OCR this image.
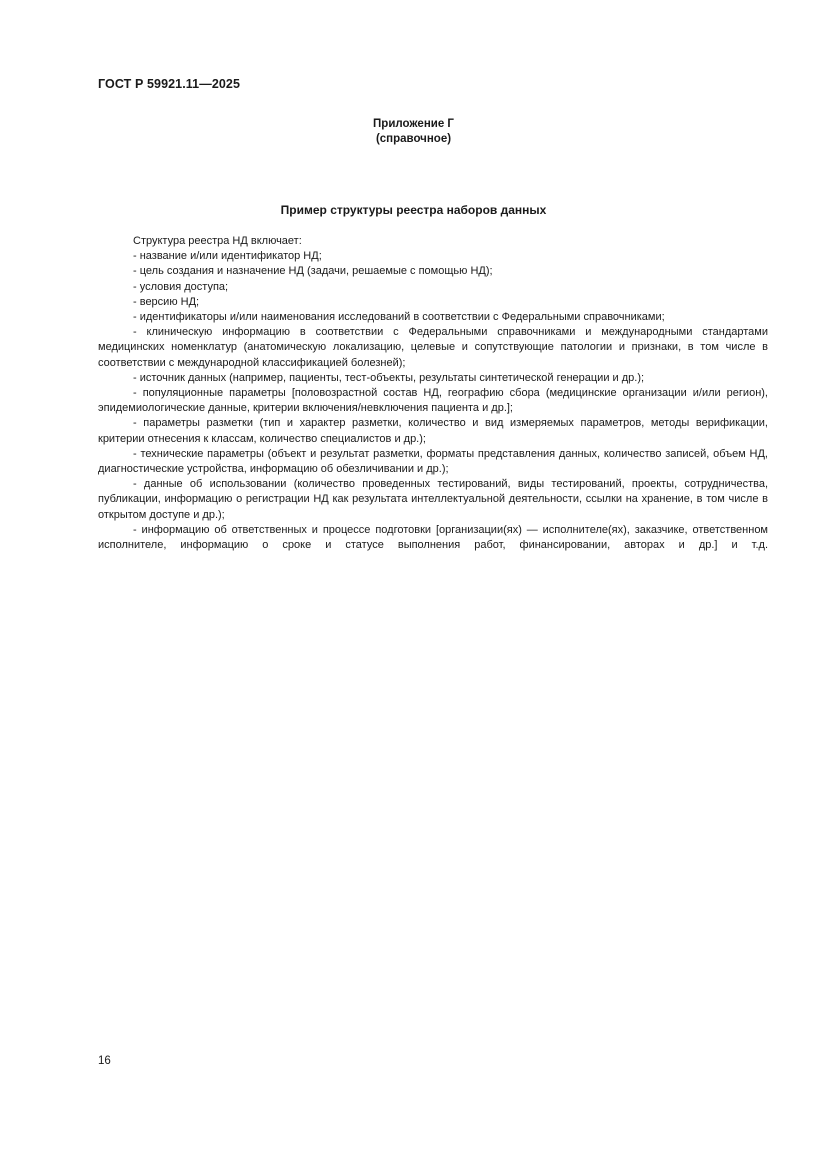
ГОСТ Р 59921.11—2025
Приложение Г
(справочное)
Пример структуры реестра наборов данных

Структура реестра НД включает:

- название и/или идентификатор НД;

- цель создания и назначение НД (задачи, решаемые с помощью НД);

- условия доступа;

- версию НД;

- идентификаторы и/или наименования исследований в соответствии с Федеральными справочниками;

- клиническую информацию в соответствии с Федеральными справочниками и международными стандартами медицинских номенклатур (анатомическую локализацию, целевые и сопутствующие патологии и признаки, в том числе в соответствии с международной классификацией болезней);

- источник данных (например, пациенты, тест-объекты, результаты синтетической генерации и др.);

- популяционные параметры [половозрастной состав НД, географию сбора (медицинские организации и/или регион), эпидемиологические данные, критерии включения/невключения пациента и др.];

- параметры разметки (тип и характер разметки, количество и вид измеряемых параметров, методы верификации, критерии отнесения к классам, количество специалистов и др.);

- технические параметры (объект и результат разметки, форматы представления данных, количество записей, объем НД, диагностические устройства, информацию об обезличивании и др.);

- данные об использовании (количество проведенных тестирований, виды тестирований, проекты, сотрудничества, публикации, информацию о регистрации НД как результата интеллектуальной деятельности, ссылки на хранение, в том числе в открытом доступе и др.);

- информацию об ответственных и процессе подготовки [организации(ях) — исполнителе(ях), заказчике, ответственном исполнителе, информацию о сроке и статусе выполнения работ, финансировании, авторах и др.] и т.д.

16
